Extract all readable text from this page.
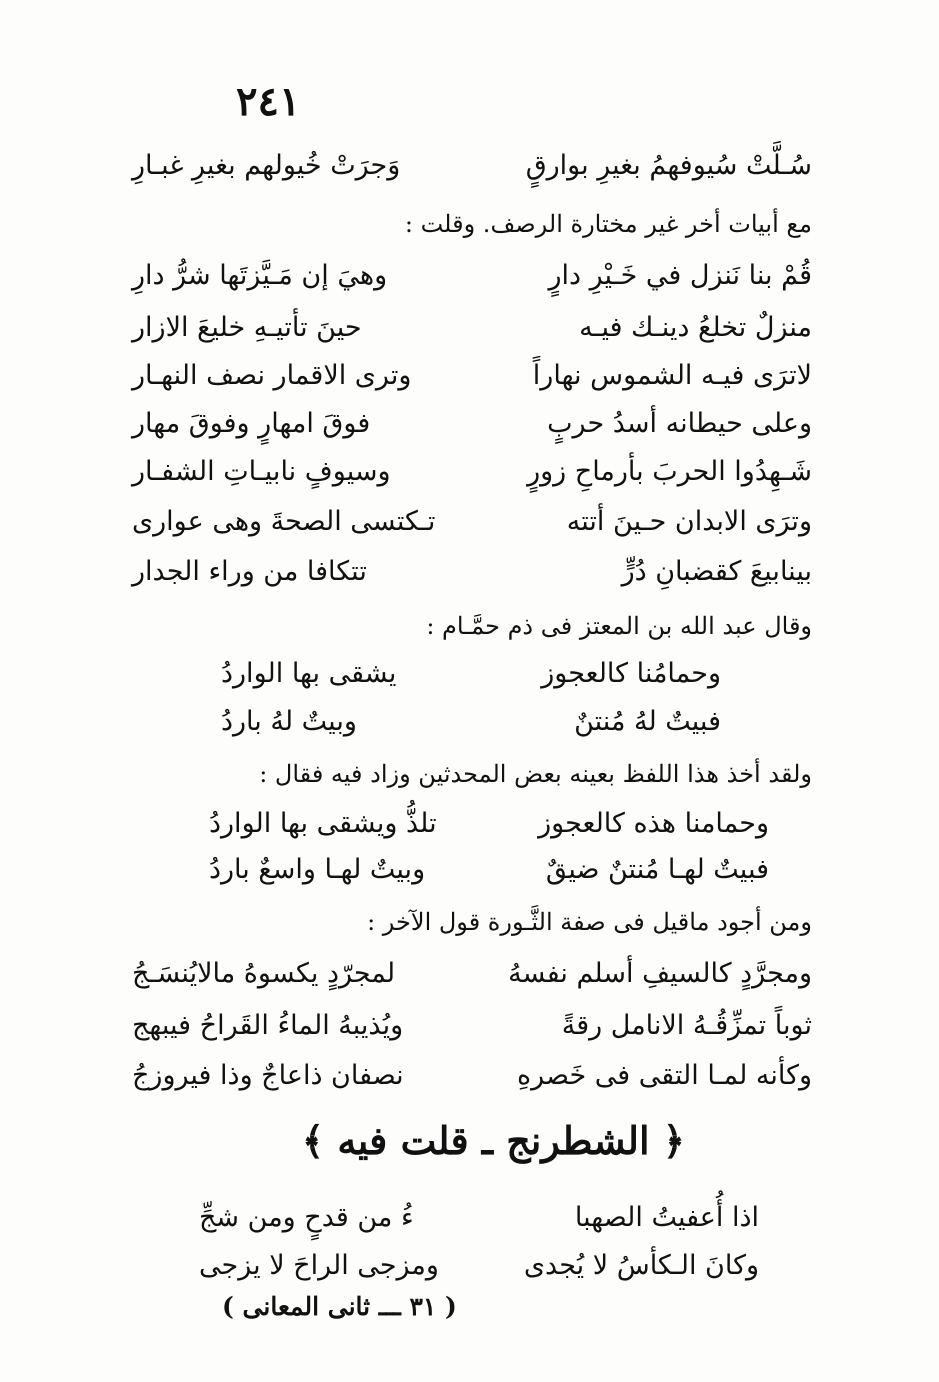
٢٤١
سُـلَّتْ سُيوفهمُ بغيرِ بوارقٍ
وَجرَتْ خُيولهم بغيرِ غبـارِ
مع أبيات أخر غير مختارة الرصف. وقلت :
قُمْ بنا نَنزل في خَـيْرِ دارٍ
وهيَ إن مَـيَّزتَها شرُّ دارِ
منزلٌ تخلعُ دينـك فيـه
حينَ تأتيـهِ خليعَ الازار
لاترَى فيـه الشموس نهاراً
وترى الاقمار نصف النهـار
وعلى حيطانه أسدُ حربٍ
فوقَ امهارٍ وفوقَ مهار
شَـهِدُوا الحربَ بأرماحِ زورٍ
وسيوفٍ نابيـاتِ الشفـار
وترَى الابدان حـينَ أتته
تـكتسى الصحةَ وهى عوارى
بينابيعَ كقضبانِ دُرٍّ
تتكافا من وراء الجدار
وقال عبد الله بن المعتز فى ذم حمَّـام :
وحمامُنا كالعجوز
يشقى بها الواردُ
فبيتٌ لهُ مُنتنٌ
وبيتٌ لهُ باردُ
ولقد أخذ هذا اللفظ بعينه بعض المحدثين وزاد فيه فقال :
وحمامنا هذه كالعجوز
تلذُّ ويشقى بها الواردُ
فبيتٌ لهـا مُنتنٌ ضيقٌ
وبيتٌ لهـا واسعٌ باردُ
ومن أجود ماقيل فى صفة الثَّـورة قول الآخر :
ومجرَّدٍ كالسيفِ أسلم نفسهُ
لمجرّدٍ يكسوهُ مالايُنسَـجُ
ثوباً تمزِّقُـهُ الانامل رقةً
ويُذيبهُ الماءُ القَراحُ فيبهج
وكأنه لمـا التقى فى خَصرهِ
نصفان ذاعاجٌ وذا فيروزجُ
﴿ الشطرنج ـ قلت فيه ﴾
اذا أُعفيتُ الصهبا
ءُ من قدحٍ ومن شجِّ
وكانَ الـكأسُ لا يُجدى
ومزجى الراحَ لا يزجى
( ٣١ ـــ ثانى المعانى )
